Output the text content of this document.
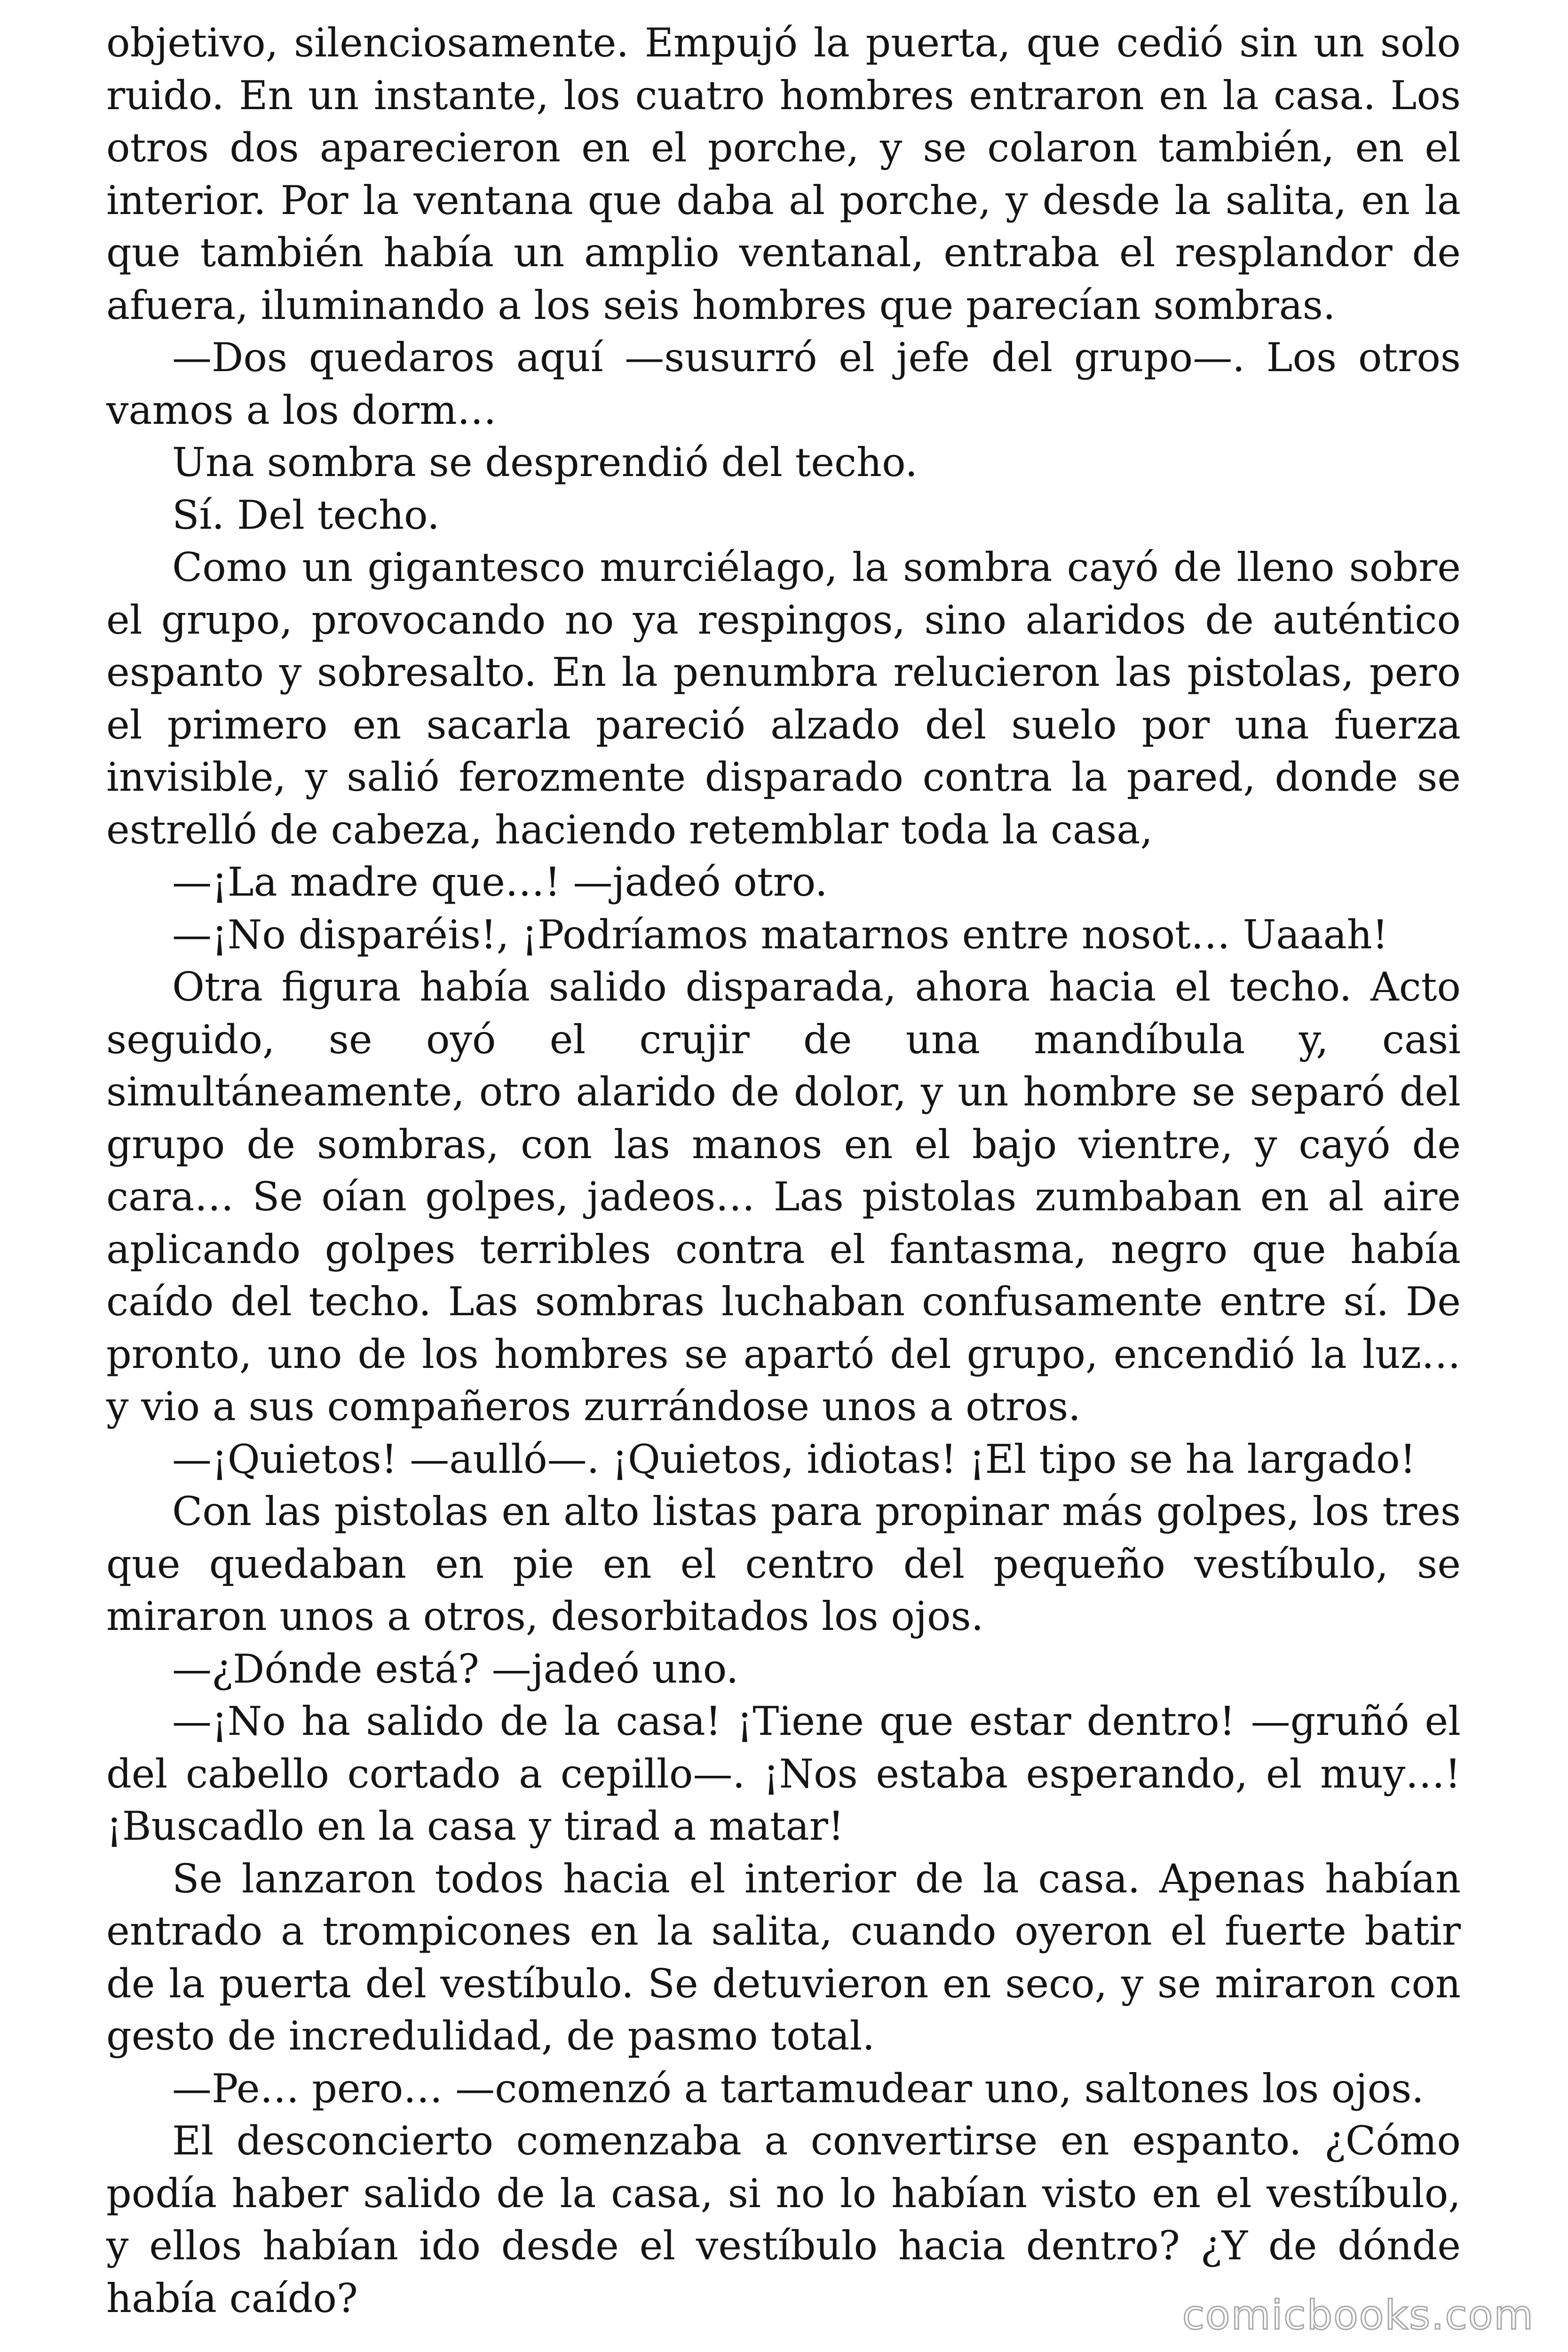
objetivo, silenciosamente. Empujó la puerta, que cedió sin un solo ruido. En un instante, los cuatro hombres entraron en la casa. Los otros dos aparecieron en el porche, y se colaron también, en el interior. Por la ventana que daba al porche, y desde la salita, en la que también había un amplio ventanal, entraba el resplandor de afuera, iluminando a los seis hombres que parecían sombras.

—Dos quedaros aquí —susurró el jefe del grupo—. Los otros vamos a los dorm…

Una sombra se desprendió del techo.

Sí. Del techo.

Como un gigantesco murciélago, la sombra cayó de lleno sobre el grupo, provocando no ya respingos, sino alaridos de auténtico espanto y sobresalto. En la penumbra relucieron las pistolas, pero el primero en sacarla pareció alzado del suelo por una fuerza invisible, y salió ferozmente disparado contra la pared, donde se estrelló de cabeza, haciendo retemblar toda la casa,

—¡La madre que…! —jadeó otro.

—¡No disparéis!, ¡Podríamos matarnos entre nosot… Uaaah!

Otra figura había salido disparada, ahora hacia el techo. Acto seguido, se oyó el crujir de una mandíbula y, casi simultáneamente, otro alarido de dolor, y un hombre se separó del grupo de sombras, con las manos en el bajo vientre, y cayó de cara… Se oían golpes, jadeos… Las pistolas zumbaban en al aire aplicando golpes terribles contra el fantasma, negro que había caído del techo. Las sombras luchaban confusamente entre sí. De pronto, uno de los hombres se apartó del grupo, encendió la luz… y vio a sus compañeros zurrándose unos a otros.

—¡Quietos! —aulló—. ¡Quietos, idiotas! ¡El tipo se ha largado!

Con las pistolas en alto listas para propinar más golpes, los tres que quedaban en pie en el centro del pequeño vestíbulo, se miraron unos a otros, desorbitados los ojos.

—¿Dónde está? —jadeó uno.

—¡No ha salido de la casa! ¡Tiene que estar dentro! —gruñó el del cabello cortado a cepillo—. ¡Nos estaba esperando, el muy…! ¡Buscadlo en la casa y tirad a matar!

Se lanzaron todos hacia el interior de la casa. Apenas habían entrado a trompicones en la salita, cuando oyeron el fuerte batir de la puerta del vestíbulo. Se detuvieron en seco, y se miraron con gesto de incredulidad, de pasmo total.

—Pe… pero… —comenzó a tartamudear uno, saltones los ojos.

El desconcierto comenzaba a convertirse en espanto. ¿Cómo podía haber salido de la casa, si no lo habían visto en el vestíbulo, y ellos habían ido desde el vestíbulo hacia dentro? ¿Y de dónde había caído?	comicbooks.com
